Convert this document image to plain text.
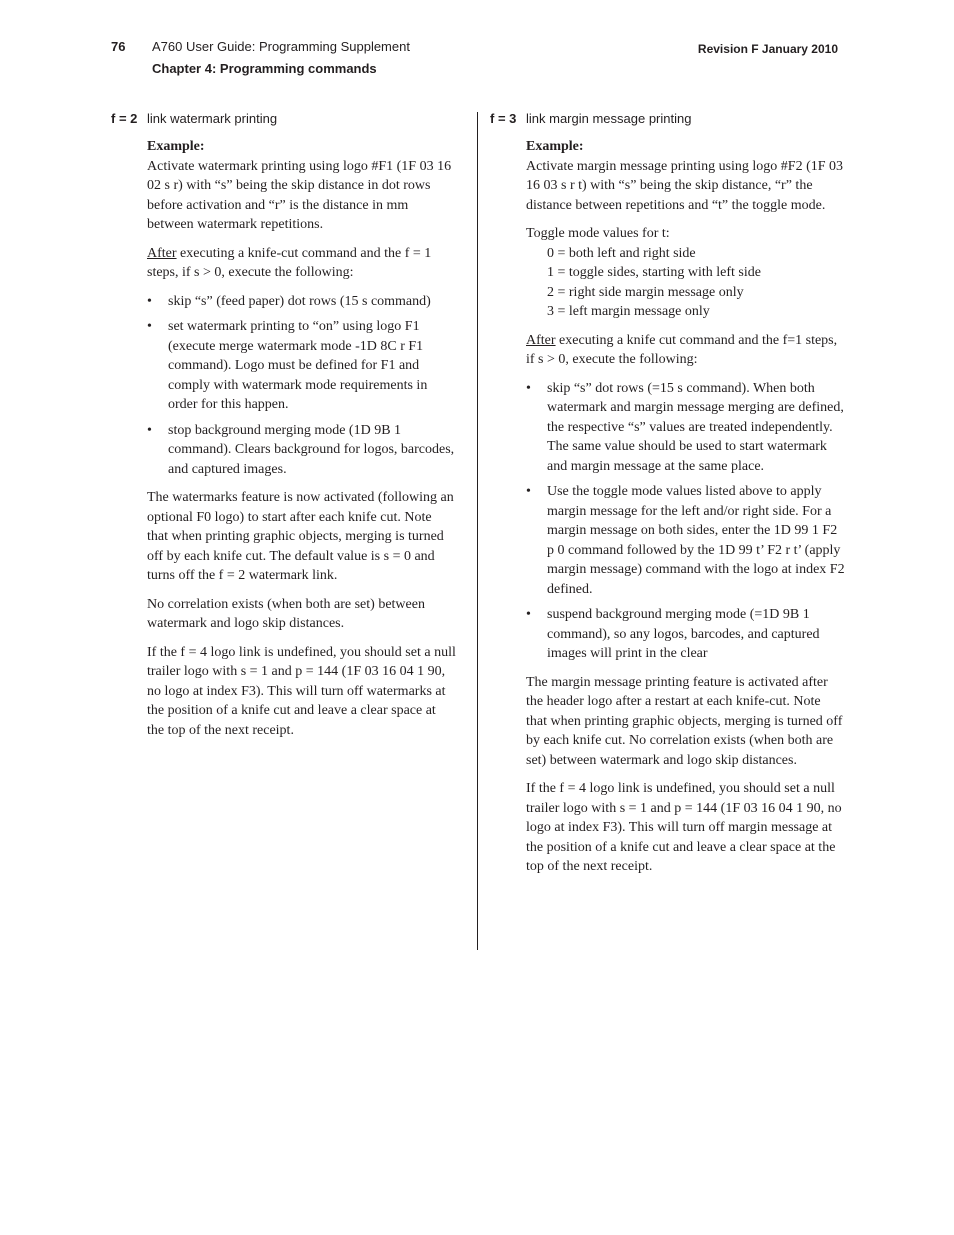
76 A760 User Guide: Programming Supplement
Chapter 4: Programming commands
Revision F January 2010
f = 2 link watermark printing

Example:

Activate watermark printing using logo #F1 (1F 03 16 02 s r) with “s” being the skip distance in dot rows before activation and “r” is the distance in mm between watermark repetitions.

After executing a knife-cut command and the f = 1 steps, if s > 0, execute the following:

• skip “s” (feed paper) dot rows (15 s command)
• set watermark printing to “on” using logo F1 (execute merge watermark mode -1D 8C r F1 command). Logo must be defined for F1 and comply with watermark mode requirements in order for this happen.
• stop background merging mode (1D 9B 1 command). Clears background for logos, barcodes, and captured images.

The watermarks feature is now activated (following an optional F0 logo) to start after each knife cut. Note that when printing graphic objects, merging is turned off by each knife cut. The default value is s = 0 and turns off the f = 2 watermark link.

No correlation exists (when both are set) between watermark and logo skip distances.

If the f = 4 logo link is undefined, you should set a null trailer logo with s = 1 and p = 144 (1F 03 16 04 1 90, no logo at index F3). This will turn off watermarks at the position of a knife cut and leave a clear space at the top of the next receipt.

f = 3 link margin message printing

Example:

Activate margin message printing using logo #F2 (1F 03 16 03 s r t) with “s” being the skip distance, “r” the distance between repetitions and “t” the toggle mode.

Toggle mode values for t:

0 = both left and right side
1 = toggle sides, starting with left side
2 = right side margin message only
3 = left margin message only

After executing a knife cut command and the f=1 steps, if s > 0, execute the following:

• skip “s” dot rows (=15 s command). When both watermark and margin message merging are defined, the respective “s” values are treated independently. The same value should be used to start watermark and margin message at the same place.
• Use the toggle mode values listed above to apply margin message for the left and/or right side. For a margin message on both sides, enter the 1D 99 1 F2 p 0 command followed by the 1D 99 t’ F2 r t’ (apply margin message) command with the logo at index F2 defined.
• suspend background merging mode (=1D 9B 1 command), so any logos, barcodes, and captured images will print in the clear

The margin message printing feature is activated after the header logo after a restart at each knife-cut. Note that when printing graphic objects, merging is turned off by each knife cut. No correlation exists (when both are set) between watermark and logo skip distances.

If the f = 4 logo link is undefined, you should set a null trailer logo with s = 1 and p = 144 (1F 03 16 04 1 90, no logo at index F3). This will turn off margin message at the position of a knife cut and leave a clear space at the top of the next receipt.
